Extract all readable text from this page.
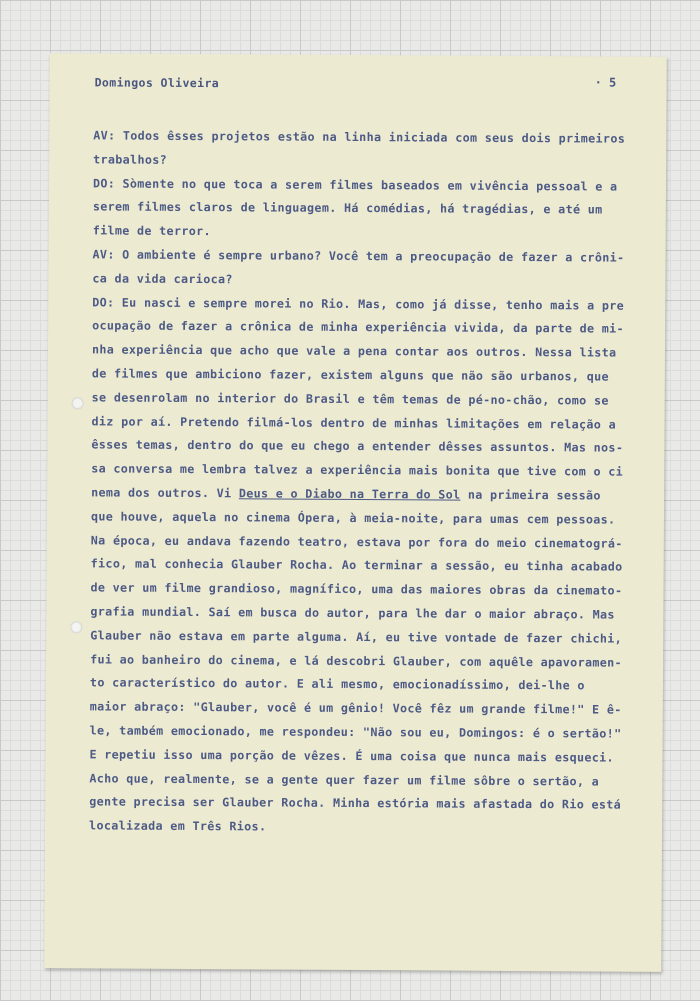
Domingos Oliveira	· 5
AV: Todos êsses projetos estão na linha iniciada com seus dois primeiros
trabalhos?
DO: Sòmente no que toca a serem filmes baseados em vivência pessoal e a
serem filmes claros de linguagem. Há comédias, há tragédias, e até um
filme de terror.
AV: O ambiente é sempre urbano? Você tem a preocupação de fazer a crôni-
ca da vida carioca?
DO: Eu nasci e sempre morei no Rio. Mas, como já disse, tenho mais a pre
ocupação de fazer a crônica de minha experiência vivida, da parte de mi-
nha experiência que acho que vale a pena contar aos outros. Nessa lista
de filmes que ambiciono fazer, existem alguns que não são urbanos, que
se desenrolam no interior do Brasil e têm temas de pé-no-chão, como se
diz por aí. Pretendo filmá-los dentro de minhas limitações em relação a
êsses temas, dentro do que eu chego a entender dêsses assuntos. Mas nos-
sa conversa me lembra talvez a experiência mais bonita que tive com o ci
nema dos outros. Vi Deus e o Diabo na Terra do Sol na primeira sessão
que houve, aquela no cinema Ópera, à meia-noite, para umas cem pessoas.
Na época, eu andava fazendo teatro, estava por fora do meio cinematográ-
fico, mal conhecia Glauber Rocha. Ao terminar a sessão, eu tinha acabado
de ver um filme grandioso, magnífico, uma das maiores obras da cinemato-
grafia mundial. Saí em busca do autor, para lhe dar o maior abraço. Mas
Glauber não estava em parte alguma. Aí, eu tive vontade de fazer chichi,
fui ao banheiro do cinema, e lá descobri Glauber, com aquêle apavoramen-
to característico do autor. E ali mesmo, emocionadíssimo, dei-lhe o
maior abraço: "Glauber, você é um gênio! Você fêz um grande filme!" E ê-
le, também emocionado, me respondeu: "Não sou eu, Domingos: é o sertão!"
E repetiu isso uma porção de vêzes. É uma coisa que nunca mais esqueci.
Acho que, realmente, se a gente quer fazer um filme sôbre o sertão, a
gente precisa ser Glauber Rocha. Minha estória mais afastada do Rio está
localizada em Três Rios.
